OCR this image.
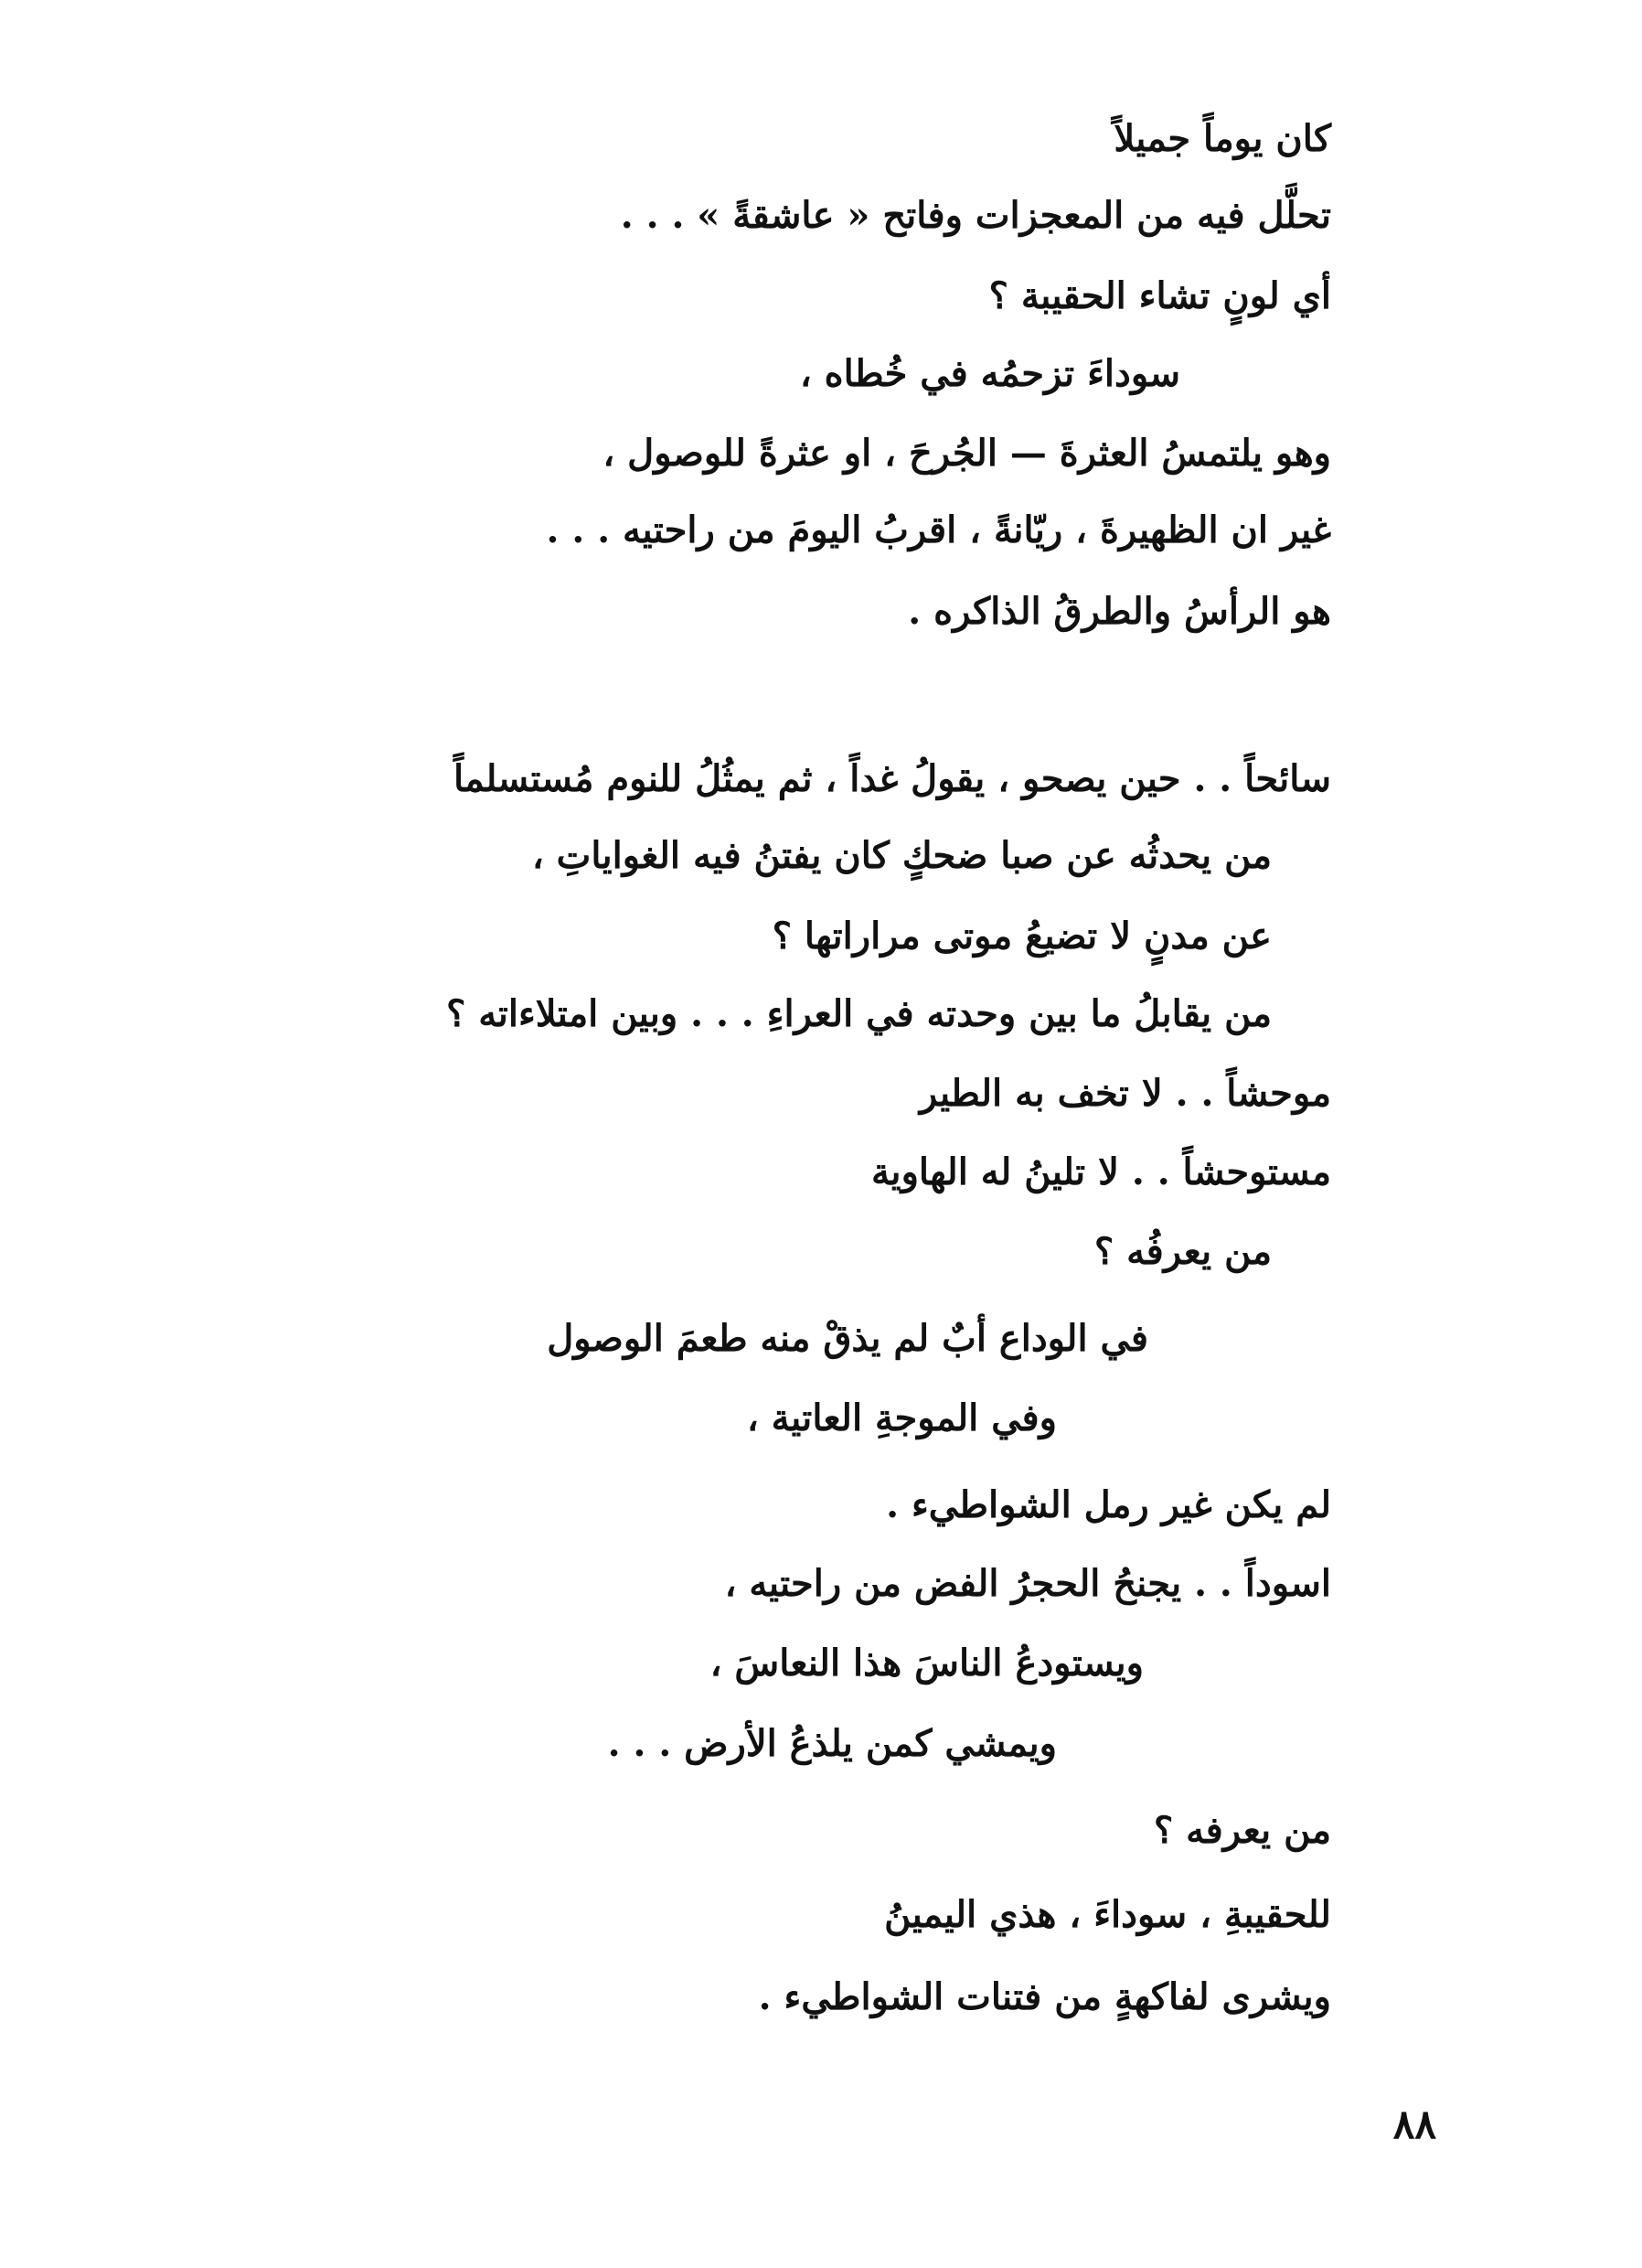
كان يوماً جميلاً
تحلَّل فيه من المعجزات وفاتح « عاشقةً » . . .
أي لونٍ تشاء الحقيبة ؟
سوداءَ تزحمُه في خُطاه ،
وهو يلتمسُ العثرةَ — الجُرحَ ، او عثرةً للوصول ،
غير ان الظهيرةَ ، ريّانةً ، اقربُ اليومَ من راحتيه . . .
هو الرأسُ والطرقُ الذاكره .
سائحاً . . حين يصحو ، يقولُ غداً ، ثم يمثُلُ للنوم مُستسلماً
من يحدثُه عن صبا ضحكٍ كان يفتنُ فيه الغواياتِ ،
عن مدنٍ لا تضيعُ موتى مراراتها ؟
من يقابلُ ما بين وحدته في العراءِ . . . وبين امتلاءاته ؟
موحشاً . . لا تخف به الطير
مستوحشاً . . لا تلينُ له الهاوية
من يعرفُه ؟
في الوداع أبٌ لم يذقْ منه طعمَ الوصول
وفي الموجةِ العاتية ،
لم يكن غير رمل الشواطيء .
اسوداً . . يجنحُ الحجرُ الفض من راحتيه ،
ويستودعُ الناسَ هذا النعاسَ ،
ويمشي كمن يلذعُ الأرض . . .
من يعرفه ؟
للحقيبةِ ، سوداءَ ، هذي اليمينُ
ويشرى لفاكهةٍ من فتنات الشواطيء .
٨٨
